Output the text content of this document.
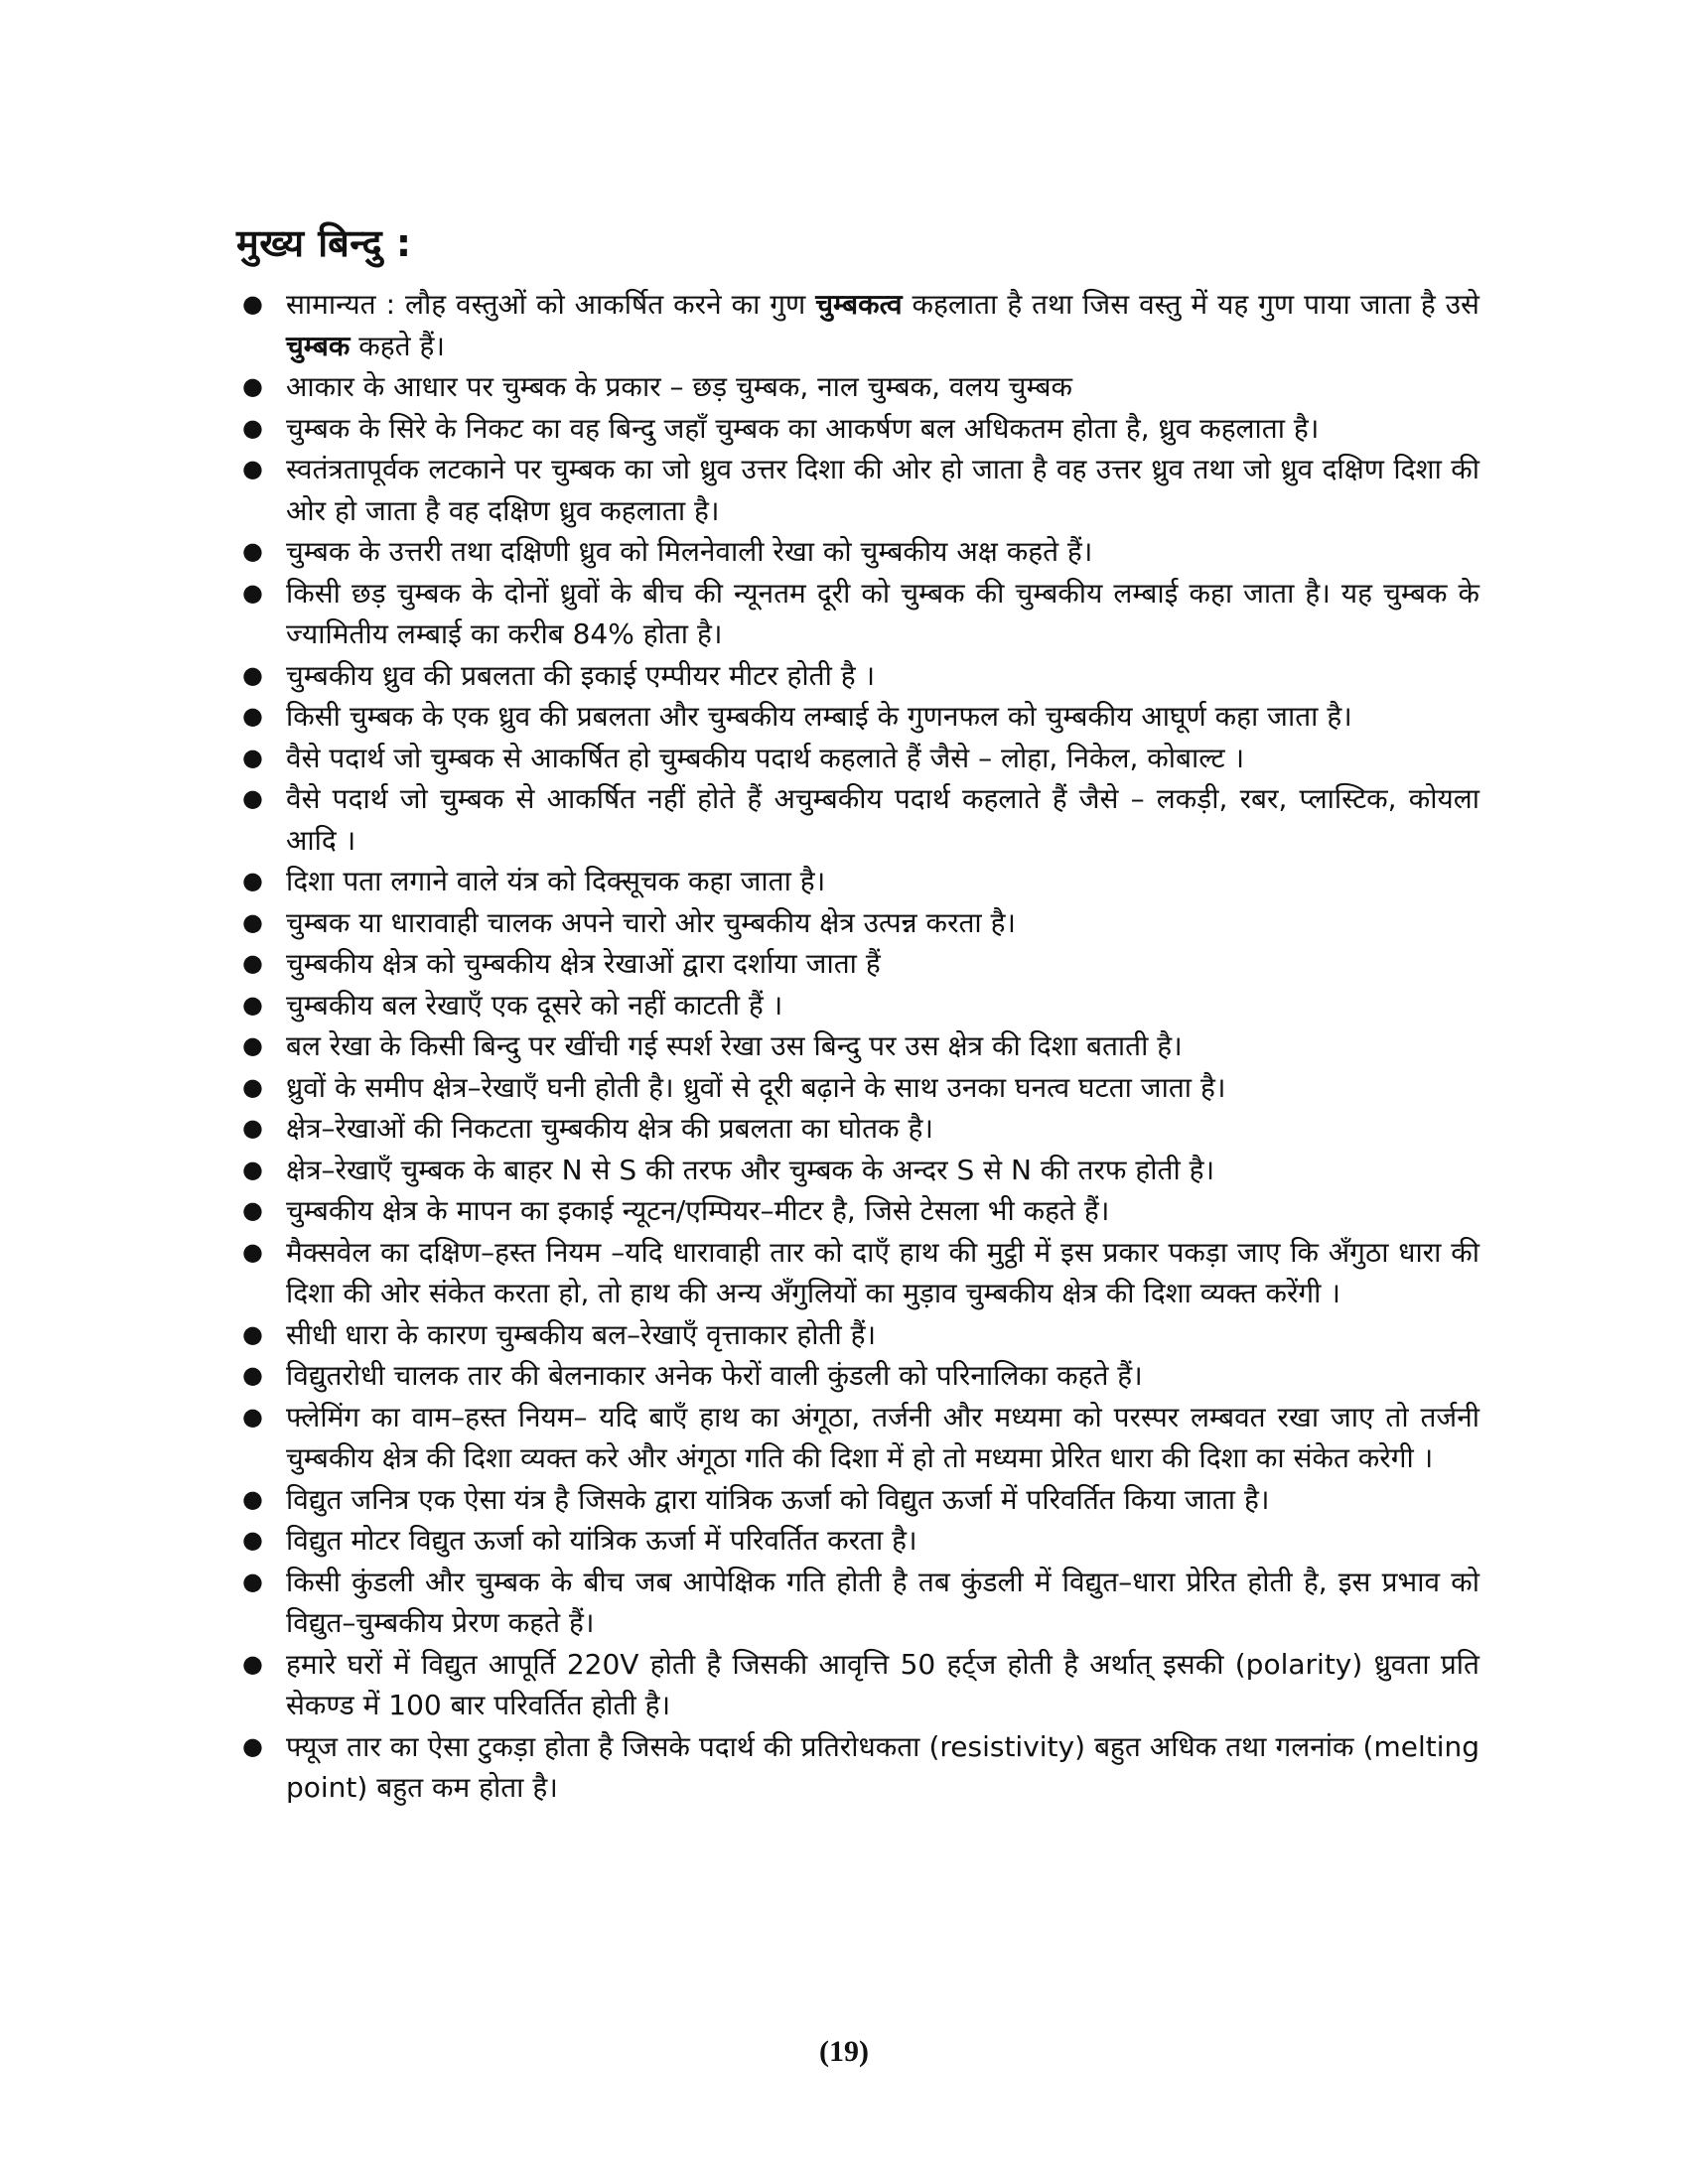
मुख्य बिन्दु :
● सामान्यत : लौह वस्तुओं को आकर्षित करने का गुण चुम्बकत्व कहलाता है तथा जिस वस्तु में यह गुण पाया जाता है उसे चुम्बक कहते हैं।
● आकार के आधार पर चुम्बक के प्रकार – छड़ चुम्बक, नाल चुम्बक, वलय चुम्बक
● चुम्बक के सिरे के निकट का वह बिन्दु जहाँ चुम्बक का आकर्षण बल अधिकतम होता है, ध्रुव कहलाता है।
● स्वतंत्रतापूर्वक लटकाने पर चुम्बक का जो ध्रुव उत्तर दिशा की ओर हो जाता है वह उत्तर ध्रुव तथा जो ध्रुव दक्षिण दिशा की ओर हो जाता है वह दक्षिण ध्रुव कहलाता है।
● चुम्बक के उत्तरी तथा दक्षिणी ध्रुव को मिलनेवाली रेखा को चुम्बकीय अक्ष कहते हैं।
● किसी छड़ चुम्बक के दोनों ध्रुवों के बीच की न्यूनतम दूरी को चुम्बक की चुम्बकीय लम्बाई कहा जाता है। यह चुम्बक के ज्यामितीय लम्बाई का करीब 84% होता है।
● चुम्बकीय ध्रुव की प्रबलता की इकाई एम्पीयर मीटर होती है ।
● किसी चुम्बक के एक ध्रुव की प्रबलता और चुम्बकीय लम्बाई के गुणनफल को चुम्बकीय आघूर्ण कहा जाता है।
● वैसे पदार्थ जो चुम्बक से आकर्षित हो चुम्बकीय पदार्थ कहलाते हैं जैसे – लोहा, निकेल, कोबाल्ट ।
● वैसे पदार्थ जो चुम्बक से आकर्षित नहीं होते हैं अचुम्बकीय पदार्थ कहलाते हैं जैसे – लकड़ी, रबर, प्लास्टिक, कोयला आदि ।
● दिशा पता लगाने वाले यंत्र को दिक्सूचक कहा जाता है।
● चुम्बक या धारावाही चालक अपने चारो ओर चुम्बकीय क्षेत्र उत्पन्न करता है।
● चुम्बकीय क्षेत्र को चुम्बकीय क्षेत्र रेखाओं द्वारा दर्शाया जाता हैं
● चुम्बकीय बल रेखाएँ एक दूसरे को नहीं काटती हैं ।
● बल रेखा के किसी बिन्दु पर खींची गई स्पर्श रेखा उस बिन्दु पर उस क्षेत्र की दिशा बताती है।
● ध्रुवों के समीप क्षेत्र–रेखाएँ घनी होती है। ध्रुवों से दूरी बढ़ाने के साथ उनका घनत्व घटता जाता है।
● क्षेत्र–रेखाओं की निकटता चुम्बकीय क्षेत्र की प्रबलता का घोतक है।
● क्षेत्र–रेखाएँ चुम्बक के बाहर N से S की तरफ और चुम्बक के अन्दर S से N की तरफ होती है।
● चुम्बकीय क्षेत्र के मापन का इकाई न्यूटन/एम्पियर–मीटर है, जिसे टेसला भी कहते हैं।
● मैक्सवेल का दक्षिण–हस्त नियम –यदि धारावाही तार को दाएँ हाथ की मुट्ठी में इस प्रकार पकड़ा जाए कि अँगुठा धारा की दिशा की ओर संकेत करता हो, तो हाथ की अन्य अँगुलियों का मुड़ाव चुम्बकीय क्षेत्र की दिशा व्यक्त करेंगी ।
● सीधी धारा के कारण चुम्बकीय बल–रेखाएँ वृत्ताकार होती हैं।
● विद्युतरोधी चालक तार की बेलनाकार अनेक फेरों वाली कुंडली को परिनालिका कहते हैं।
● फ्लेमिंग का वाम–हस्त नियम– यदि बाएँ हाथ का अंगूठा, तर्जनी और मध्यमा को परस्पर लम्बवत रखा जाए तो तर्जनी चुम्बकीय क्षेत्र की दिशा व्यक्त करे और अंगूठा गति की दिशा में हो तो मध्यमा प्रेरित धारा की दिशा का संकेत करेगी ।
● विद्युत जनित्र एक ऐसा यंत्र है जिसके द्वारा यांत्रिक ऊर्जा को विद्युत ऊर्जा में परिवर्तित किया जाता है।
● विद्युत मोटर विद्युत ऊर्जा को यांत्रिक ऊर्जा में परिवर्तित करता है।
● किसी कुंडली और चुम्बक के बीच जब आपेक्षिक गति होती है तब कुंडली में विद्युत–धारा प्रेरित होती है, इस प्रभाव को विद्युत–चुम्बकीय प्रेरण कहते हैं।
● हमारे घरों में विद्युत आपूर्ति 220V होती है जिसकी आवृत्ति 50 हर्ट्ज होती है अर्थात् इसकी (polarity) ध्रुवता प्रति सेकण्ड में 100 बार परिवर्तित होती है।
● फ्यूज तार का ऐसा टुकड़ा होता है जिसके पदार्थ की प्रतिरोधकता (resistivity) बहुत अधिक तथा गलनांक (melting point) बहुत कम होता है।
(19)
